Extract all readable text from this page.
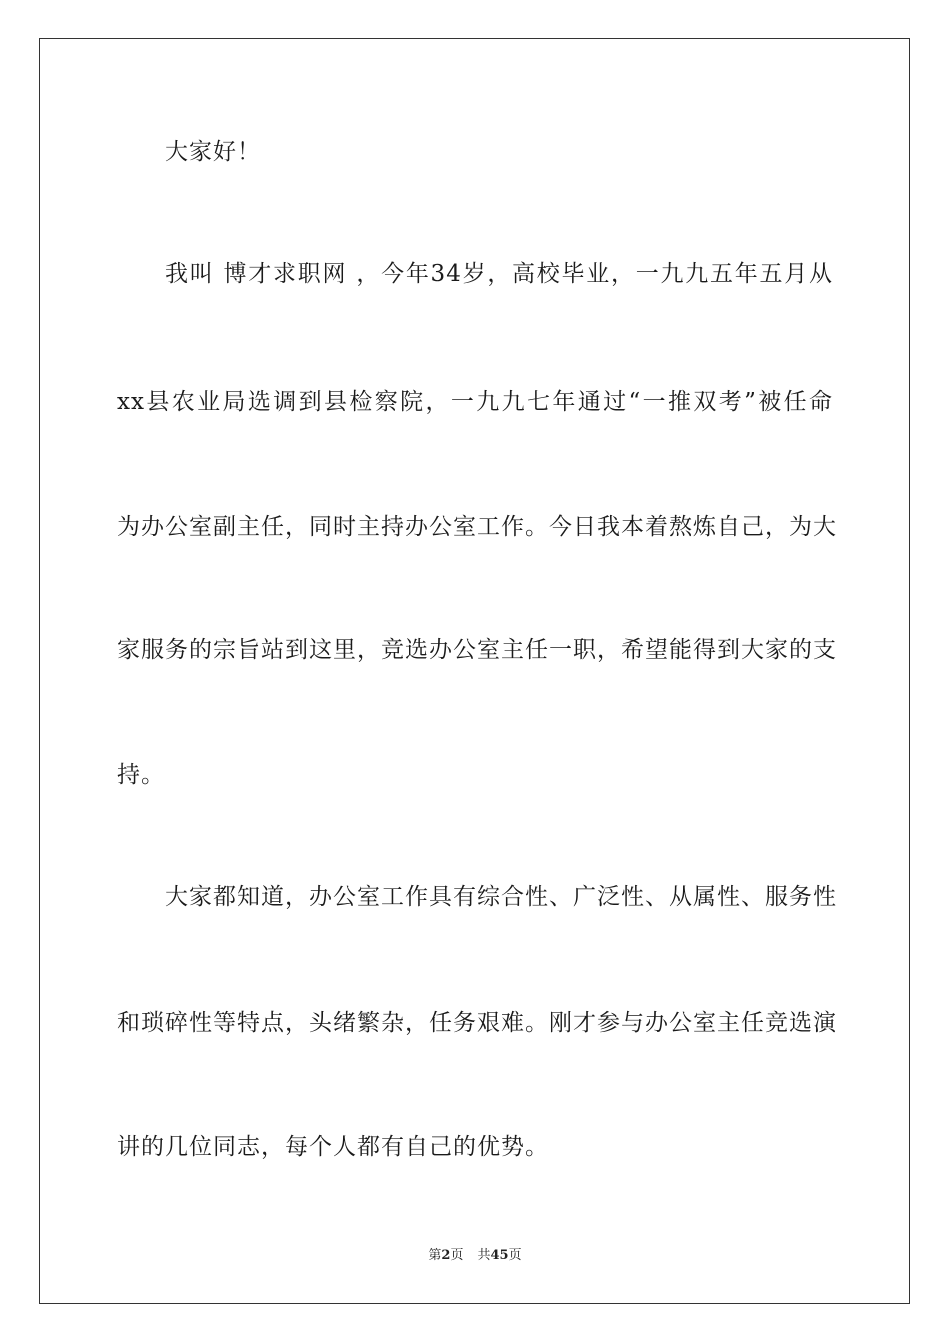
大家好！
我叫 博才求职网 ，今年34岁，高校毕业，一九九五年五月从
xx县农业局选调到县检察院，一九九七年通过“一推双考”被任命
为办公室副主任，同时主持办公室工作。今日我本着熬炼自己，为大
家服务的宗旨站到这里，竞选办公室主任一职，希望能得到大家的支
持。
大家都知道，办公室工作具有综合性、广泛性、从属性、服务性
和琐碎性等特点，头绪繁杂，任务艰难。刚才参与办公室主任竞选演
讲的几位同志，每个人都有自己的优势。
第2页 共45页
